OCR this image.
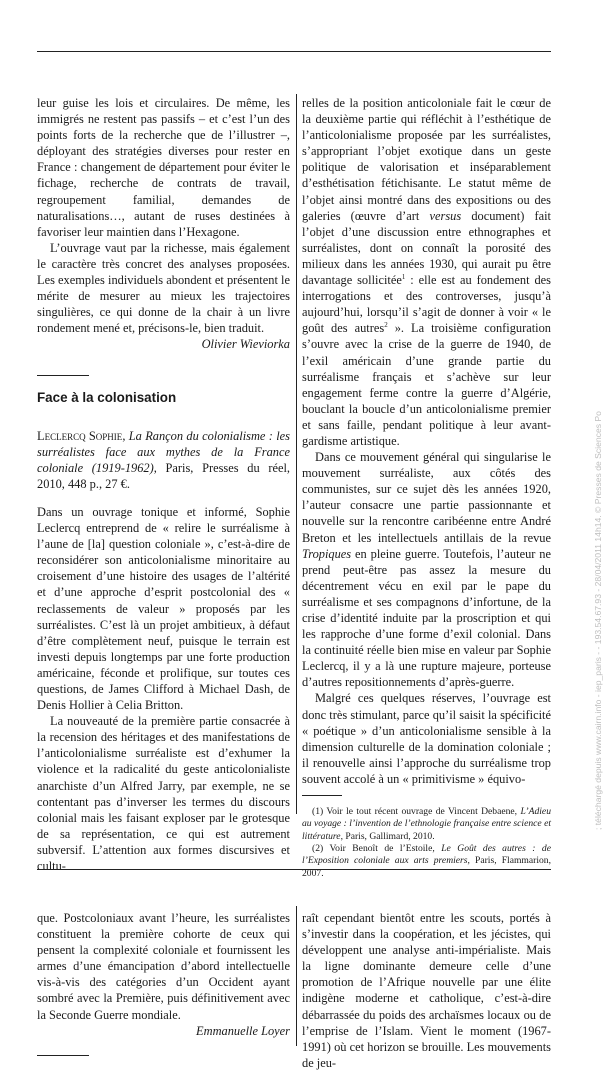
leur guise les lois et circulaires. De même, les immigrés ne restent pas passifs – et c’est l’un des points forts de la recherche que de l’illustrer –, déployant des stratégies diverses pour rester en France : changement de département pour éviter le fichage, recherche de contrats de travail, regroupement familial, demandes de naturalisations…, autant de ruses destinées à favoriser leur maintien dans l’Hexagone.

L’ouvrage vaut par la richesse, mais également le caractère très concret des analyses proposées. Les exemples individuels abondent et présentent le mérite de mesurer au mieux les trajectoires singulières, ce qui donne de la chair à un livre rondement mené et, précisons-le, bien traduit.

Olivier Wieviorka

Face à la colonisation

Leclercq Sophie, La Rançon du colonialisme : les surréalistes face aux mythes de la France coloniale (1919-1962), Paris, Presses du réel, 2010, 448 p., 27 €.

Dans un ouvrage tonique et informé, Sophie Leclercq entreprend de « relire le surréalisme à l’aune de [la] question coloniale », c’est-à-dire de reconsidérer son anticolonialisme minoritaire au croisement d’une histoire des usages de l’altérité et d’une approche d’esprit postcolonial des « reclassements de valeur » proposés par les surréalistes. C’est là un projet ambitieux, à défaut d’être complètement neuf, puisque le terrain est investi depuis longtemps par une forte production américaine, féconde et prolifique, sur toutes ces questions, de James Clifford à Michael Dash, de Denis Hollier à Celia Britton.

La nouveauté de la première partie consacrée à la recension des héritages et des manifestations de l’anticolonialisme surréaliste est d’exhumer la violence et la radicalité du geste anticolonialiste anarchiste d’un Alfred Jarry, par exemple, ne se contentant pas d’inverser les termes du discours colonial mais les faisant exploser par le grotesque de sa représentation, ce qui est autrement subversif. L’attention aux formes discursives et cultu-

relles de la position anticoloniale fait le cœur de la deuxième partie qui réfléchit à l’esthétique de l’anticolonialisme proposée par les surréalistes, s’appropriant l’objet exotique dans un geste politique de valorisation et inséparablement d’esthétisation fétichisante. Le statut même de l’objet ainsi montré dans des expositions ou des galeries (œuvre d’art versus document) fait l’objet d’une discussion entre ethnographes et surréalistes, dont on connaît la porosité des milieux dans les années 1930, qui aurait pu être davantage sollicitée$^1$ : elle est au fondement des interrogations et des controverses, jusqu’à aujourd’hui, lorsqu’il s’agit de donner à voir « le goût des autres$^2$ ». La troisième configuration s’ouvre avec la crise de la guerre de 1940, de l’exil américain d’une grande partie du surréalisme français et s’achève sur leur engagement ferme contre la guerre d’Algérie, bouclant la boucle d’un anticolonialisme premier et sans faille, pendant politique à leur avant-gardisme artistique.

Dans ce mouvement général qui singularise le mouvement surréaliste, aux côtés des communistes, sur ce sujet dès les années 1920, l’auteur consacre une partie passionnante et nouvelle sur la rencontre caribéenne entre André Breton et les intellectuels antillais de la revue Tropiques en pleine guerre. Toutefois, l’auteur ne prend peut-être pas assez la mesure du décentrement vécu en exil par le pape du surréalisme et ses compagnons d’infortune, de la crise d’identité induite par la proscription et qui les rapproche d’une forme d’exil colonial. Dans la continuité réelle bien mise en valeur par Sophie Leclercq, il y a là une rupture majeure, porteuse d’autres repositionnements d’après-guerre.

Malgré ces quelques réserves, l’ouvrage est donc très stimulant, parce qu’il saisit la spécificité « poétique » d’un anticolonialisme sensible à la dimension culturelle de la domination coloniale ; il renouvelle ainsi l’approche du surréalisme trop souvent accolé à un « primitivisme » équivo-

(1) Voir le tout récent ouvrage de Vincent Debaene, L’Adieu au voyage : l’invention de l’ethnologie française entre science et littérature, Paris, Gallimard, 2010.

(2) Voir Benoît de l’Estoile, Le Goût des autres : de l’Exposition coloniale aux arts premiers, Paris, Flammarion, 2007.

; téléchargé depuis www.cairn.info - iep_paris - - 193.54.67.93 - 28/04/2011 14h14. © Presses de Sciences Po

que. Postcoloniaux avant l’heure, les surréalistes constituent la première cohorte de ceux qui pensent la complexité coloniale et fournissent les armes d’une émancipation d’abord intellectuelle vis-à-vis des catégories d’un Occident ayant sombré avec la Première, puis définitivement avec la Seconde Guerre mondiale.

Emmanuelle Loyer

raît cependant bientôt entre les scouts, portés à s’investir dans la coopération, et les jécistes, qui développent une analyse anti-impérialiste. Mais la ligne dominante demeure celle d’une promotion de l’Afrique nouvelle par une élite indigène moderne et catholique, c’est-à-dire débarrassée du poids des archaïsmes locaux ou de l’emprise de l’Islam. Vient le moment (1967-1991) où cet horizon se brouille. Les mouvements de jeu-
